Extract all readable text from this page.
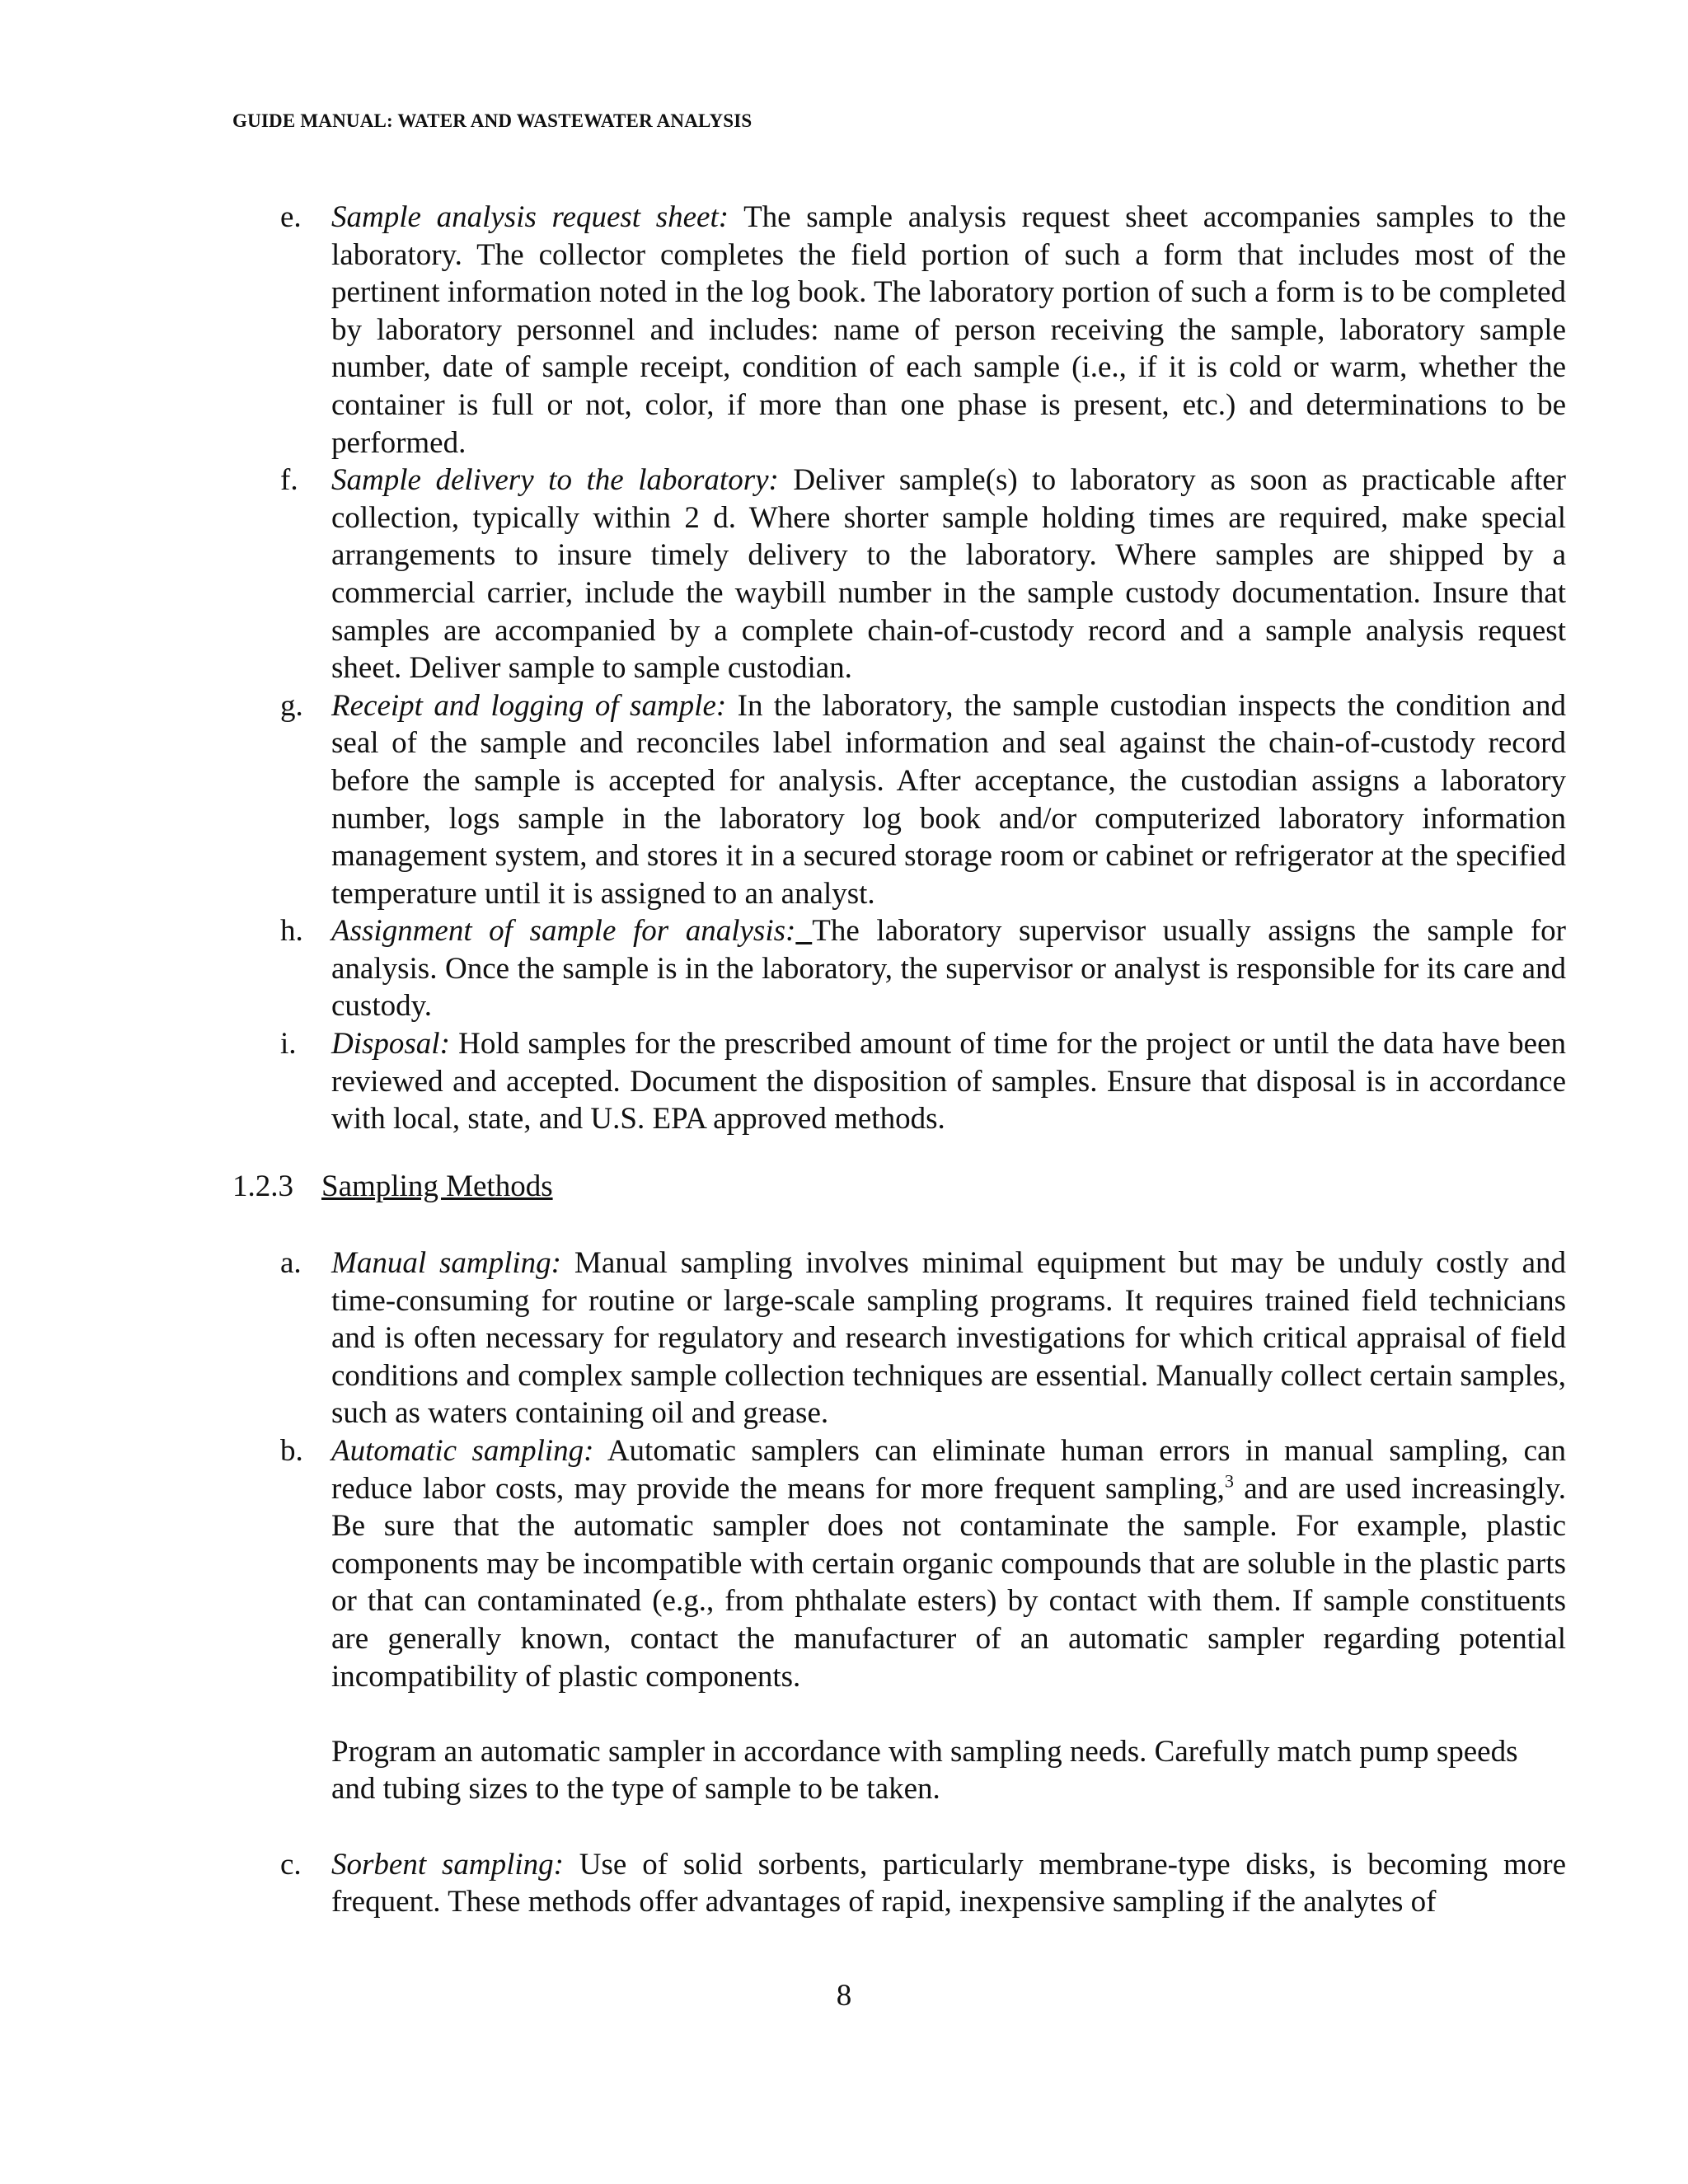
GUIDE MANUAL: WATER AND WASTEWATER ANALYSIS
e. Sample analysis request sheet: The sample analysis request sheet accompanies samples to the laboratory. The collector completes the field portion of such a form that includes most of the pertinent information noted in the log book. The laboratory portion of such a form is to be completed by laboratory personnel and includes: name of person receiving the sample, laboratory sample number, date of sample receipt, condition of each sample (i.e., if it is cold or warm, whether the container is full or not, color, if more than one phase is present, etc.) and determinations to be performed.
f.	Sample delivery to the laboratory: Deliver sample(s) to laboratory as soon as practicable after collection, typically within 2 d. Where shorter sample holding times are required, make special arrangements to insure timely delivery to the laboratory. Where samples are shipped by a commercial carrier, include the waybill number in the sample custody documentation. Insure that samples are accompanied by a complete chain-of-custody record and a sample analysis request sheet. Deliver sample to sample custodian.
g. Receipt and logging of sample: In the laboratory, the sample custodian inspects the condition and seal of the sample and reconciles label information and seal against the chain-of-custody record before the sample is accepted for analysis. After acceptance, the custodian assigns a laboratory number, logs sample in the laboratory log book and/or computerized laboratory information management system, and stores it in a secured storage room or cabinet or refrigerator at the specified temperature until it is assigned to an analyst.
h. Assignment of sample for analysis: The laboratory supervisor usually assigns the sample for analysis. Once the sample is in the laboratory, the supervisor or analyst is responsible for its care and custody.
i.	Disposal: Hold samples for the prescribed amount of time for the project or until the data have been reviewed and accepted. Document the disposition of samples. Ensure that disposal is in accordance with local, state, and U.S. EPA approved methods.
1.2.3 Sampling Methods
a. Manual sampling: Manual sampling involves minimal equipment but may be unduly costly and time-consuming for routine or large-scale sampling programs. It requires trained field technicians and is often necessary for regulatory and research investigations for which critical appraisal of field conditions and complex sample collection techniques are essential. Manually collect certain samples, such as waters containing oil and grease.
b. Automatic sampling: Automatic samplers can eliminate human errors in manual sampling, can reduce labor costs, may provide the means for more frequent sampling,$^3$ and are used increasingly. Be sure that the automatic sampler does not contaminate the sample. For example, plastic components may be incompatible with certain organic compounds that are soluble in the plastic parts or that can contaminated (e.g., from phthalate esters) by contact with them. If sample constituents are generally known, contact the manufacturer of an automatic sampler regarding potential incompatibility of plastic components.
Program an automatic sampler in accordance with sampling needs. Carefully match pump speeds and tubing sizes to the type of sample to be taken.
c. Sorbent sampling: Use of solid sorbents, particularly membrane-type disks, is becoming more frequent. These methods offer advantages of rapid, inexpensive sampling if the analytes of
8
